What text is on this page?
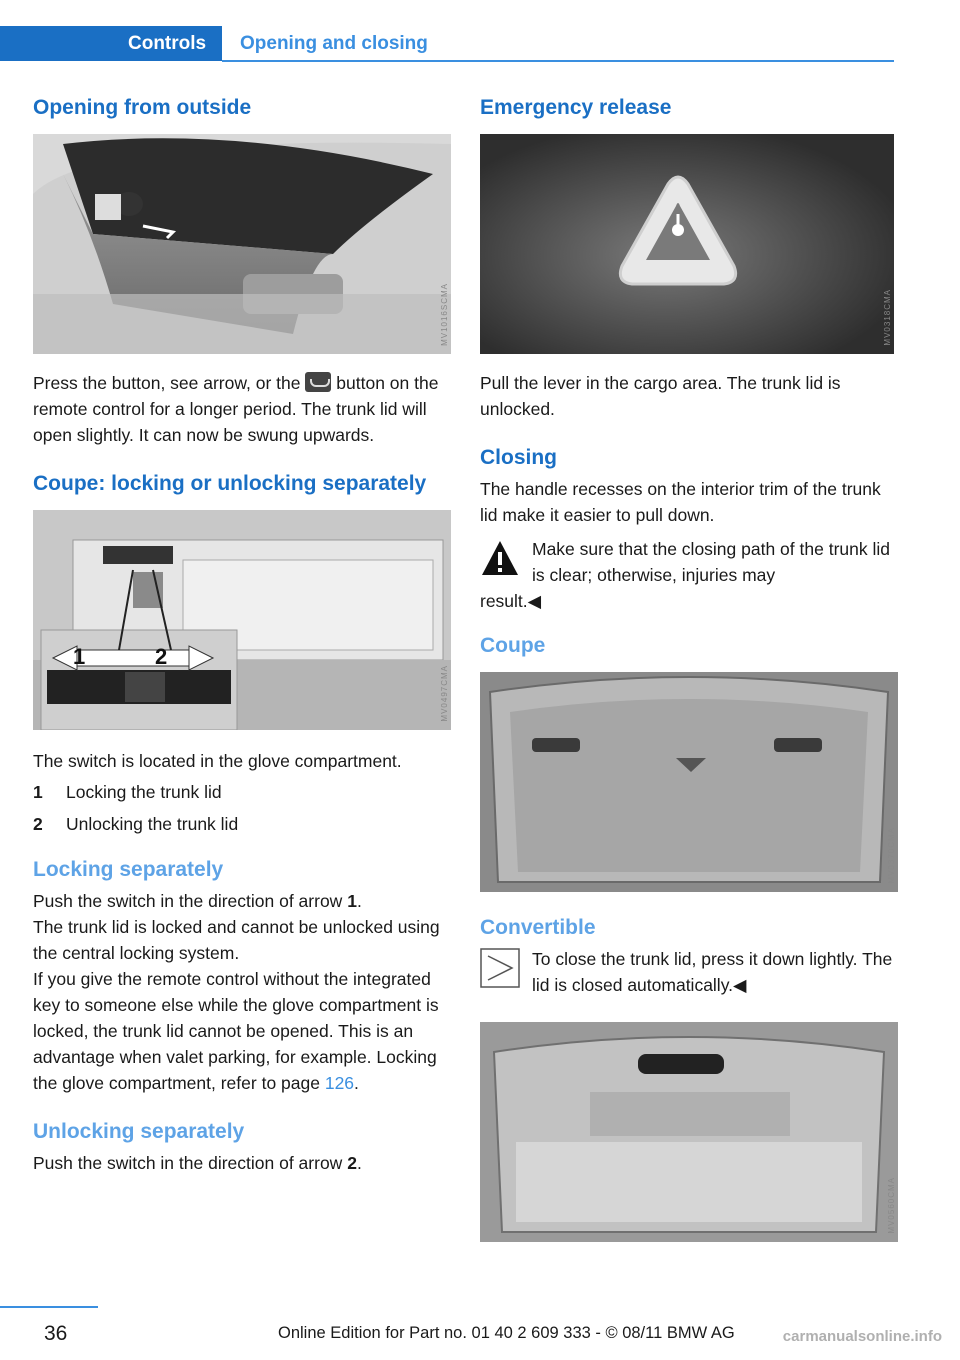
Controls	Opening and closing
Opening from outside
MV1016SCMA

Press the button, see arrow, or the button on the remote control for a longer period. The trunk lid will open slightly. It can now be swung upwards.

Coupe: locking or unlocking separately
1	2
MV0497CMA

The switch is located in the glove compartment.

1	Locking the trunk lid
2	Unlocking the trunk lid
Locking separately

Push the switch in the direction of arrow 1.

The trunk lid is locked and cannot be unlocked using the central locking system.

If you give the remote control without the integrated key to someone else while the glove compartment is locked, the trunk lid cannot be opened. This is an advantage when valet parking, for example. Locking the glove compartment, refer to page 126.

Unlocking separately

Push the switch in the direction of arrow 2.

Emergency release
MV0318CMA

Pull the lever in the cargo area. The trunk lid is unlocked.

Closing

The handle recesses on the interior trim of the trunk lid make it easier to pull down.

Make sure that the closing path of the trunk lid is clear; otherwise, injuries may
result.◀
Coupe
MV0370CMA
Convertible
To close the trunk lid, press it down lightly. The lid is closed automatically.◀
MV0560CMA
36	Online Edition for Part no. 01 40 2 609 333 - © 08/11 BMW AG	carmanualsonline.info
